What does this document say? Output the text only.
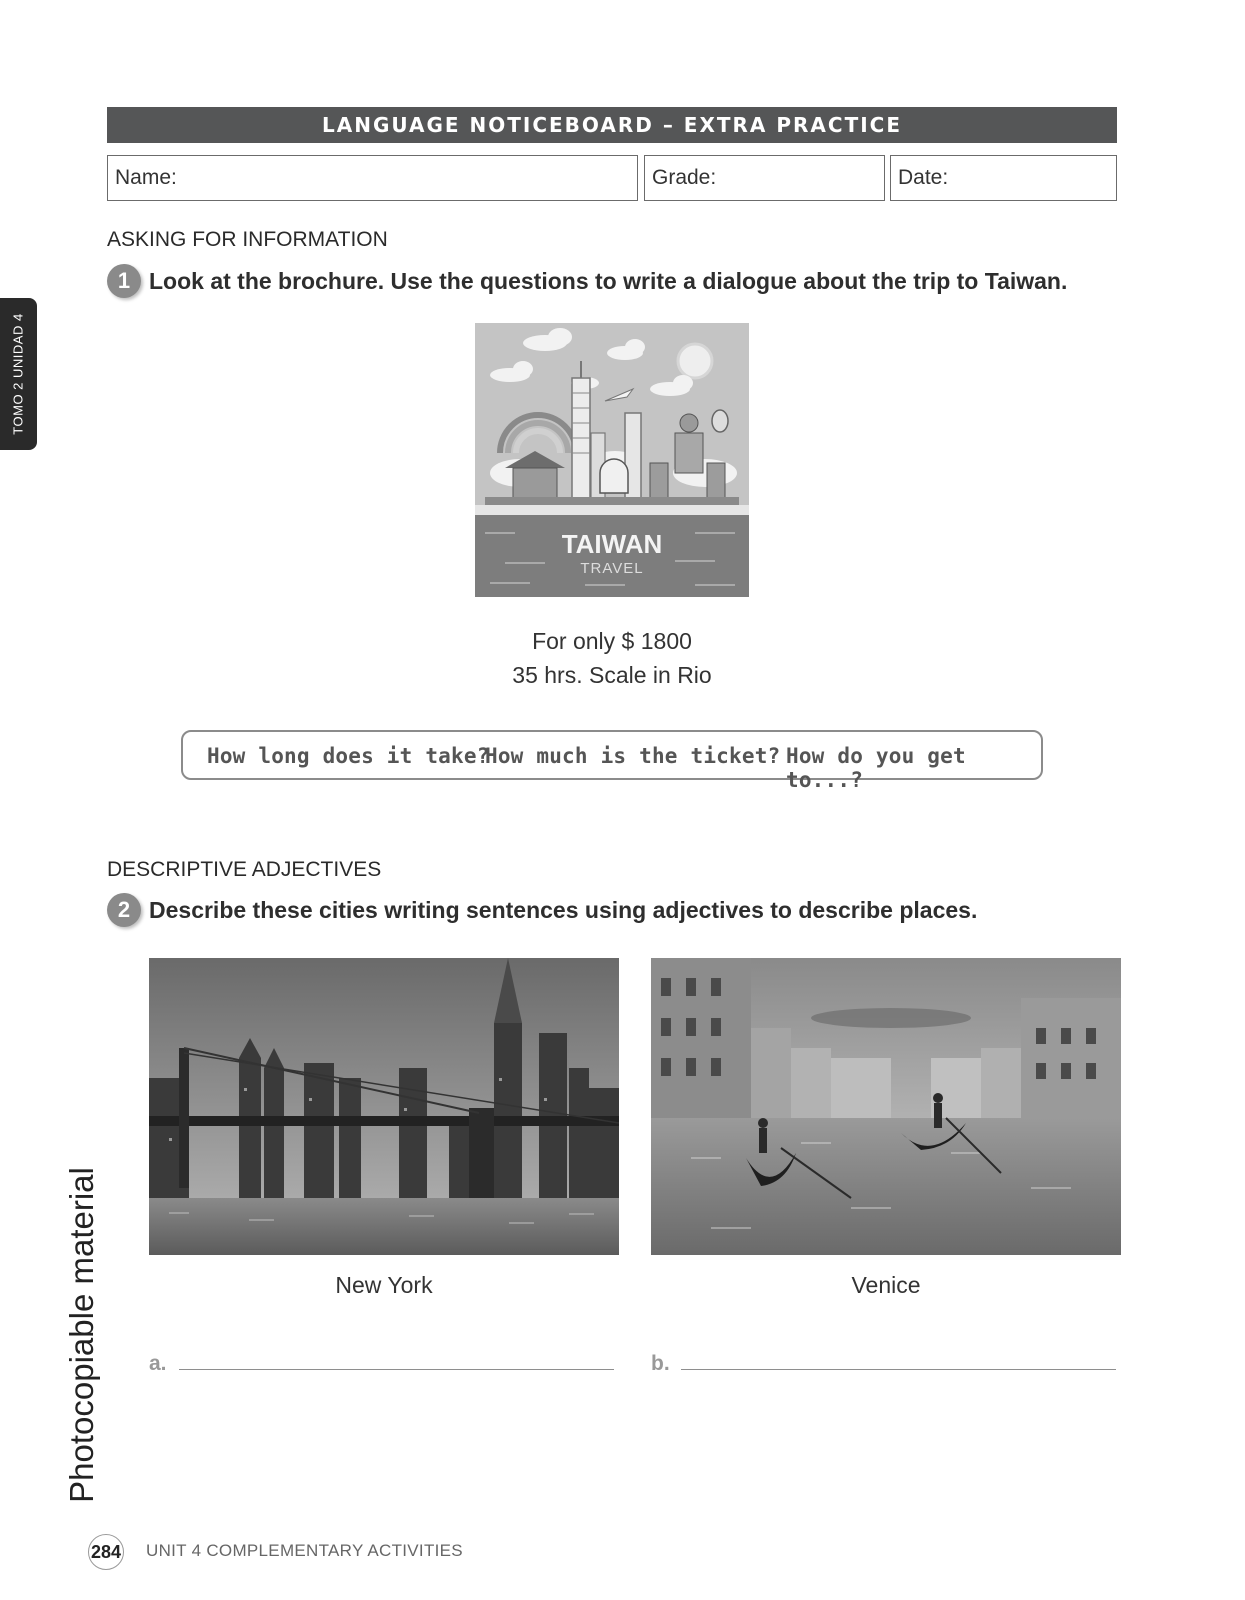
LANGUAGE NOTICEBOARD – EXTRA PRACTICE
Name:	Grade:	Date:
TOMO 2 UNIDAD 4
Photocopiable material
ASKING FOR INFORMATION
1 Look at the brochure. Use the questions to write a dialogue about the trip to Taiwan.
TAIWAN
TRAVEL
For only $ 1800
35 hrs. Scale in Rio
How long does it take?
How much is the ticket? How do you get to...?
DESCRIPTIVE ADJECTIVES
2 Describe these cities writing sentences using adjectives to describe places.
New York	Venice
a.	b.
284 UNIT 4 COMPLEMENTARY ACTIVITIES
